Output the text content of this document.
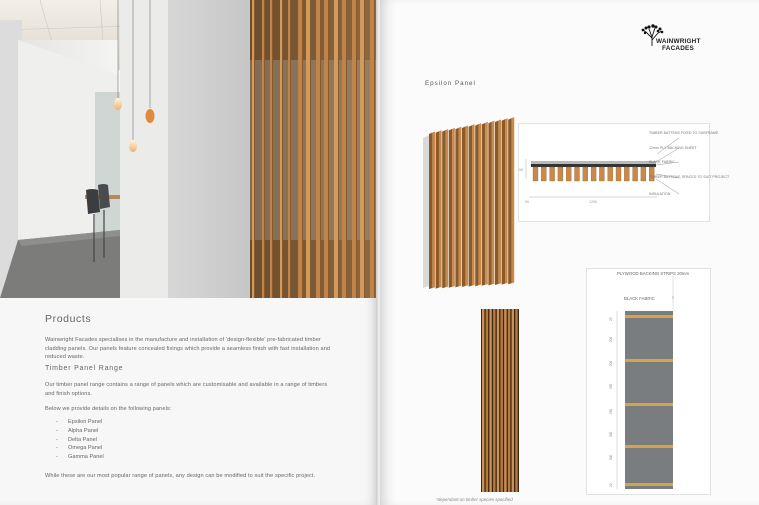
Products
Wainwright Facades specialises in the manufacture and installation of 'design-flexible' pre-fabricated timber cladding panels. Our panels feature concealed fixings which provide a seamless finish with fast installation and reduced waste.
Timber Panel Range
Our timber panel range contains a range of panels which are customisable and available in a range of timbers and finish options.
Below we provide details on the following panels:
- Epsilon Panel
- Alpha Panel
- Delta Panel
- Omega Panel
- Gamma Panel
While these are our most popular range of panels, any design can be modified to suit the specific project.
WAINWRIGHT
FACADES
Epsilon Panel
TIMBER BATTENS FIXED TO SUBFRAME
12mm PLY BACKING SHEET
BLACK FABRIC
TIMBER BATTENS, SPACED TO SUIT PROJECT
INSULATION
55
1200
50
PLYWOOD BACKING STRIPS 20mm
BLACK FABRIC
20
500
500
550
550
500
500
20
*dependant on timber species specified
